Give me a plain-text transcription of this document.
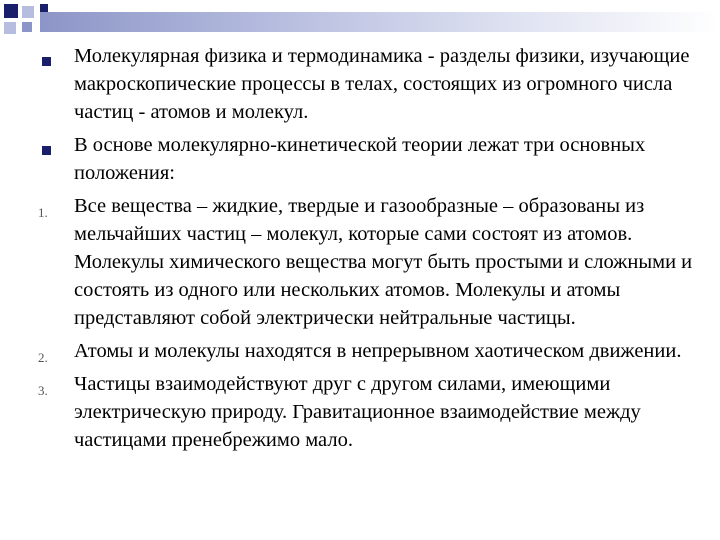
Молекулярная физика и термодинамика - разделы физики, изучающие макроскопические процессы в телах, состоящих из огромного числа частиц - атомов и молекул.
В основе молекулярно-кинетической теории лежат три основных положения:
1. Все вещества – жидкие, твердые и газообразные – образованы из мельчайших частиц – молекул, которые сами состоят из атомов. Молекулы химического вещества могут быть простыми и сложными и состоять из одного или нескольких атомов. Молекулы и атомы представляют собой электрически нейтральные частицы.
2. Атомы и молекулы находятся в непрерывном хаотическом движении.
3. Частицы взаимодействуют друг с другом силами, имеющими электрическую природу. Гравитационное взаимодействие между частицами пренебрежимо мало.
